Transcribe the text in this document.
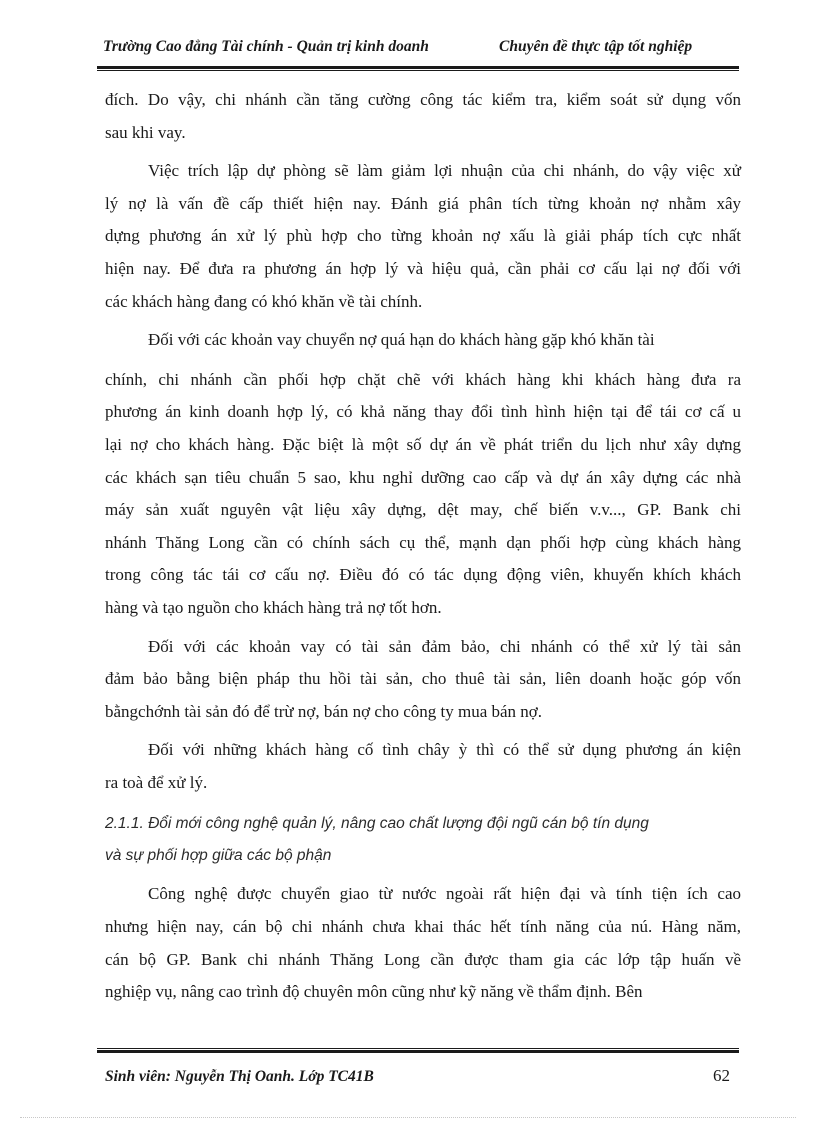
Trường Cao đẳng Tài chính - Quản trị kinh doanh	Chuyên đề thực tập tốt nghiệp

đích. Do vậy, chi nhánh cần tăng cường công tác kiểm tra, kiểm soát sử dụng vốn
sau khi vay.

Việc trích lập dự phòng sẽ làm giảm lợi nhuận của chi nhánh, do vậy việc xử
lý nợ là vấn đề cấp thiết hiện nay. Đánh giá phân tích từng khoản nợ nhằm xây
dựng phương án xử lý phù hợp cho từng khoản nợ xấu là giải pháp tích cực nhất
hiện nay. Để đưa ra phương án hợp lý và hiệu quả, cần phải cơ cấu lại nợ đối với
các khách hàng đang có khó khăn về tài chính.

Đối với các khoản vay chuyển nợ quá hạn do khách hàng gặp khó khăn tài

chính, chi nhánh cần phối hợp chặt chẽ với khách hàng khi khách hàng đưa ra
phương án kinh doanh hợp lý, có khả năng thay đổi tình hình hiện tại để tái cơ cấ u
lại nợ cho khách hàng. Đặc biệt là một số dự án về phát triển du lịch như xây dựng
các khách sạn tiêu chuẩn 5 sao, khu nghỉ dưỡng cao cấp và dự án xây dựng các nhà
máy sản xuất nguyên vật liệu xây dựng, dệt may, chế biến v.v..., GP. Bank chi
nhánh Thăng Long cần có chính sách cụ thể, mạnh dạn phối hợp cùng khách hàng
trong công tác tái cơ cấu nợ. Điều đó có tác dụng động viên, khuyến khích khách
hàng và tạo nguồn cho khách hàng trả nợ tốt hơn.

Đối với các khoản vay có tài sản đảm bảo, chi nhánh có thể xử lý tài sản
đảm bảo bằng biện pháp thu hồi tài sản, cho thuê tài sản, liên doanh hoặc góp vốn
bằngchớnh tài sản đó để trừ nợ, bán nợ cho công ty mua bán nợ.

Đối với những khách hàng cố tình chây ỳ thì có thể sử dụng phương án kiện
ra toà để xử lý.

2.1.1. Đổi mới công nghệ quản lý, nâng cao chất lượng đội ngũ cán bộ tín dụng
và sự phối hợp giữa các bộ phận

Công nghệ được chuyển giao từ nước ngoài rất hiện đại và tính tiện ích cao
nhưng hiện nay, cán bộ chi nhánh chưa khai thác hết tính năng của nú. Hàng năm,
cán bộ GP. Bank chi nhánh Thăng Long cần được tham gia các lớp tập huấn về
nghiệp vụ, nâng cao trình độ chuyên môn cũng như kỹ năng về thẩm định. Bên

Sinh viên: Nguyễn Thị Oanh. Lớp TC41B	62
